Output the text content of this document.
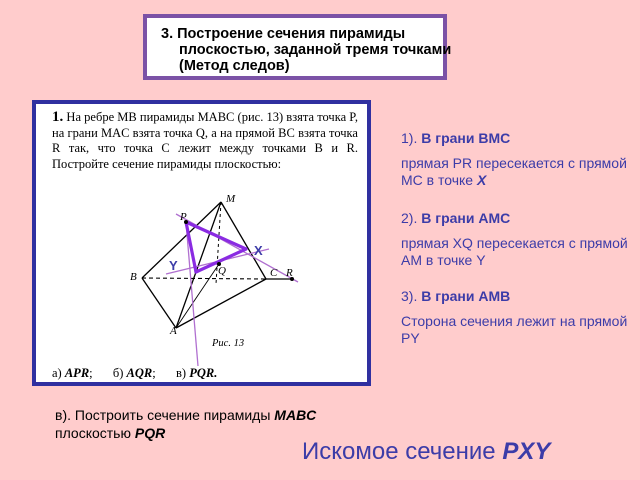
3. Построение сечения пирамиды
плоскостью, заданной тремя точками
(Метод следов)
1. На ребре MB пирамиды MABC (рис. 13) взята точка P, на грани MAC взята точка Q, а на прямой BC взята точка R так, что точка C лежит между точками B и R. Постройте сечение пирамиды плоскостью:
M
P
Q
B	C R
A
Рис. 13
X
Y
а) APR;  б) AQR;  в) PQR.
1). В грани ВМС
прямая PR пересекается с прямой МС в точке X
2). В грани АМС
прямая XQ пересекается с прямой AM в точке Y
3). В грани АМВ
Сторона сечения лежит на прямой PY
в). Построить сечение пирамиды MABC
плоскостью PQR
Искомое сечение PXY
